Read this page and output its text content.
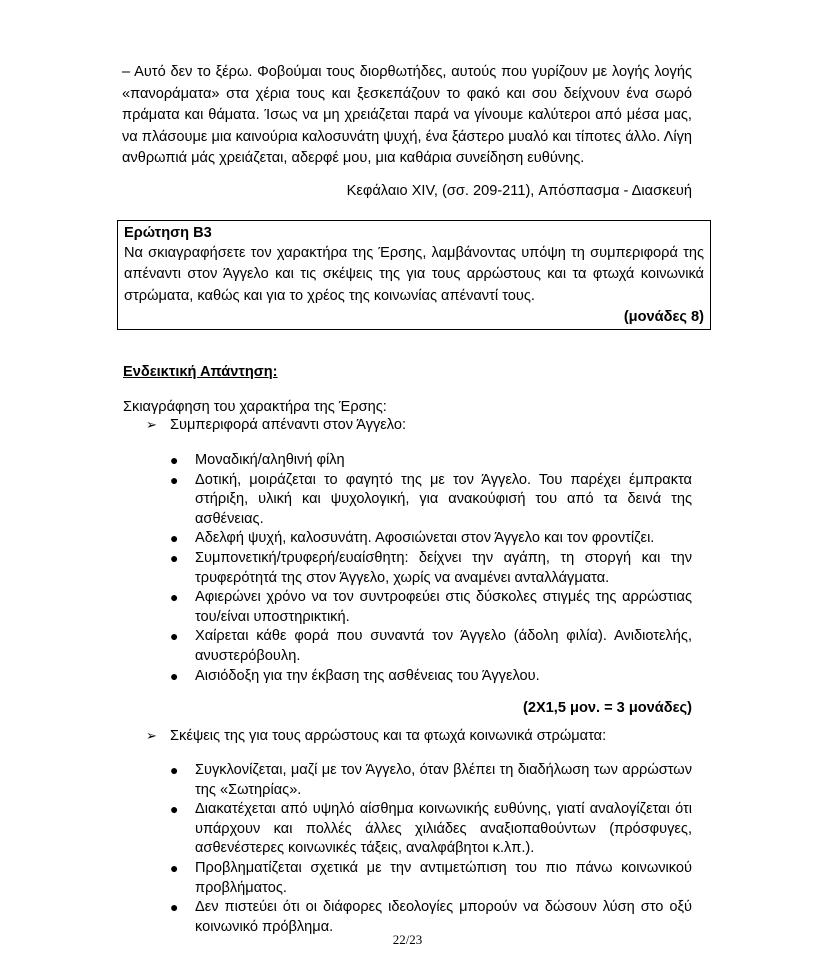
– Αυτό δεν το ξέρω. Φοβούμαι τους διορθωτήδες, αυτούς που γυρίζουν με λογής λογής «πανοράματα» στα χέρια τους και ξεσκεπάζουν το φακό και σου δείχνουν ένα σωρό πράματα και θάματα. Ίσως να μη χρειάζεται παρά να γίνουμε καλύτεροι από μέσα μας, να πλάσουμε μια καινούρια καλοσυνάτη ψυχή, ένα ξάστερο μυαλό και τίποτες άλλο. Λίγη ανθρωπιά μάς χρειάζεται, αδερφέ μου, μια καθάρια συνείδηση ευθύνης.

Κεφάλαιο XIV, (σσ. 209-211), Απόσπασμα - Διασκευή

Ερώτηση Β3

Να σκιαγραφήσετε τον χαρακτήρα της Έρσης, λαμβάνοντας υπόψη τη συμπεριφορά της απέναντι στον Άγγελο και τις σκέψεις της για τους αρρώστους και τα φτωχά κοινωνικά στρώματα, καθώς και για το χρέος της κοινωνίας απέναντί τους.

(μονάδες 8)

Ενδεικτική Απάντηση:

Σκιαγράφηση του χαρακτήρα της Έρσης:

➢ Συμπεριφορά απέναντι στον Άγγελο:

●	Μοναδική/αληθινή φίλη
●	Δοτική, μοιράζεται το φαγητό της με τον Άγγελο. Του παρέχει έμπρακτα στήριξη, υλική και ψυχολογική, για ανακούφισή του από τα δεινά της ασθένειας.
●	Αδελφή ψυχή, καλοσυνάτη. Αφοσιώνεται στον Άγγελο και τον φροντίζει.
●	Συμπονετική/τρυφερή/ευαίσθητη: δείχνει την αγάπη, τη στοργή και την τρυφερότητά της στον Άγγελο, χωρίς να αναμένει ανταλλάγματα.
●	Αφιερώνει χρόνο να τον συντροφεύει στις δύσκολες στιγμές της αρρώστιας του/είναι υποστηρικτική.
●	Χαίρεται κάθε φορά που συναντά τον Άγγελο (άδολη φιλία). Ανιδιοτελής, ανυστερόβουλη.
●	Αισιόδοξη για την έκβαση της ασθένειας του Άγγελου.

(2Χ1,5 μον. = 3 μονάδες)

➢ Σκέψεις της για τους αρρώστους και τα φτωχά κοινωνικά στρώματα:

●	Συγκλονίζεται, μαζί με τον Άγγελο, όταν βλέπει τη διαδήλωση των αρρώστων της «Σωτηρίας».
●	Διακατέχεται από υψηλό αίσθημα κοινωνικής ευθύνης, γιατί αναλογίζεται ότι υπάρχουν και πολλές άλλες χιλιάδες αναξιοπαθούντων (πρόσφυγες, ασθενέστερες κοινωνικές τάξεις, αναλφάβητοι κ.λπ.).
●	Προβληματίζεται σχετικά με την αντιμετώπιση του πιο πάνω κοινωνικού προβλήματος.
●	Δεν πιστεύει ότι οι διάφορες ιδεολογίες μπορούν να δώσουν λύση στο οξύ κοινωνικό πρόβλημα.

22/23
